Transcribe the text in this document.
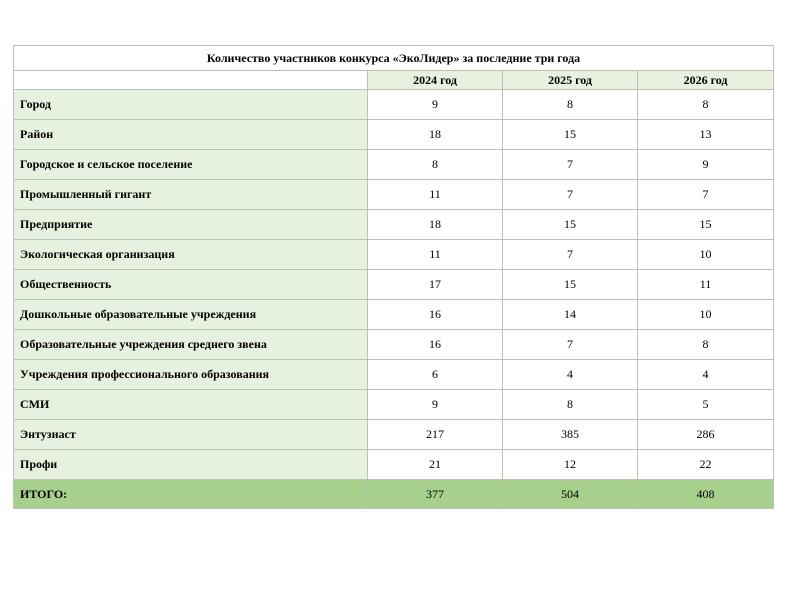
Количество участников конкурса «ЭкоЛидер» за последние три года			
	2024 год	2025 год	2026 год
Город	9	8	8
Район	18	15	13
Городское и сельское поселение	8	7	9
Промышленный гигант	11	7	7
Предприятие	18	15	15
Экологическая организация	11	7	10
Общественность	17	15	11
Дошкольные образовательные учреждения	16	14	10
Образовательные учреждения среднего звена	16	7	8
Учреждения профессионального образования	6	4	4
СМИ	9	8	5
Энтузиаст	217	385	286
Профи	21	12	22
ИТОГО:	377	504	408
